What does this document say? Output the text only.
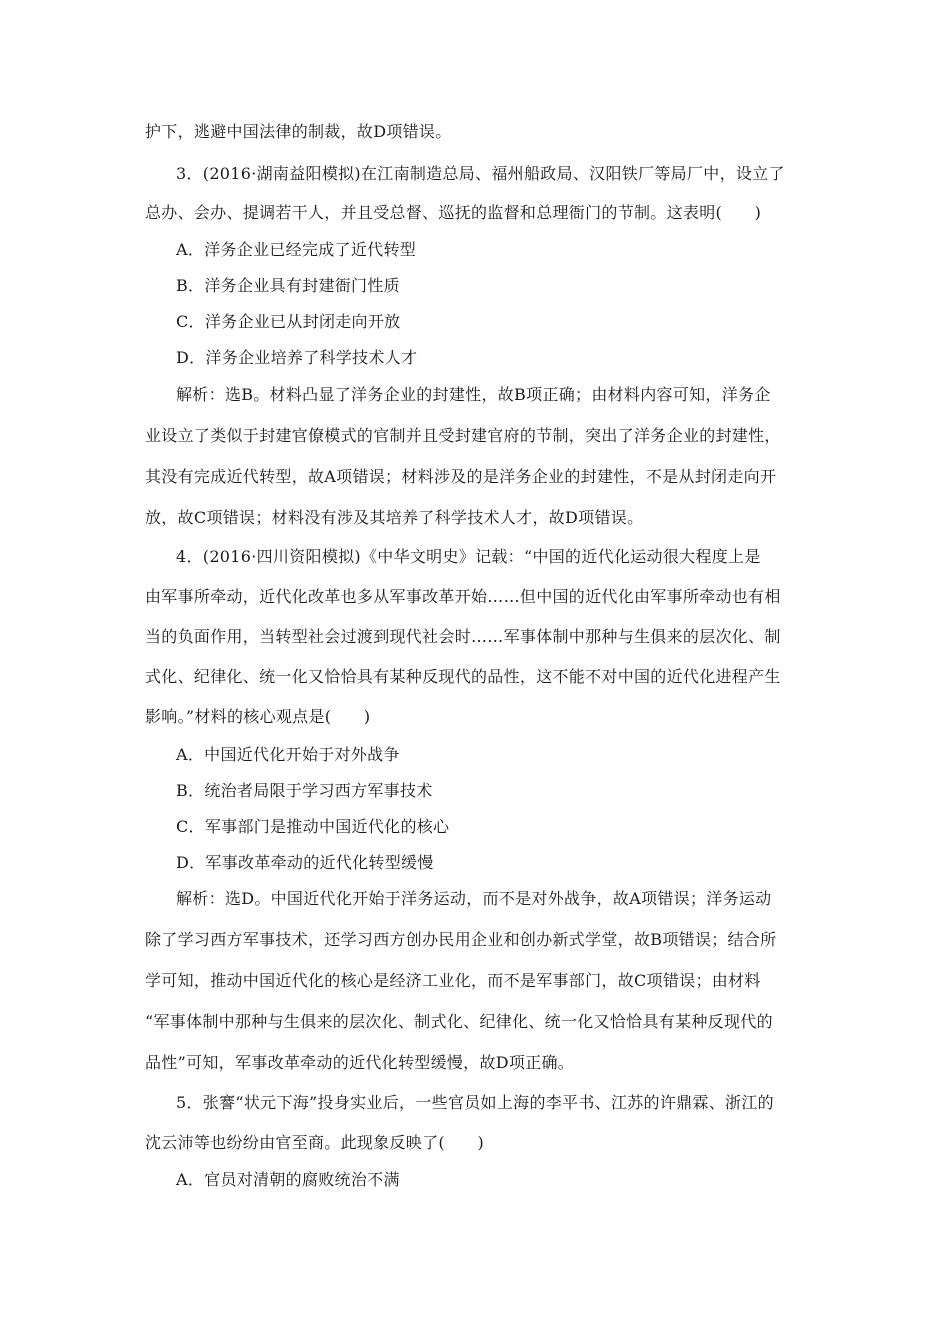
护下，逃避中国法律的制裁，故D项错误。
3．(2016·湖南益阳模拟)在江南制造总局、福州船政局、汉阳铁厂等局厂中，设立了
总办、会办、提调若干人，并且受总督、巡抚的监督和总理衙门的节制。这表明(　　)
A．洋务企业已经完成了近代转型
B．洋务企业具有封建衙门性质
C．洋务企业已从封闭走向开放
D．洋务企业培养了科学技术人才
解析：选B。材料凸显了洋务企业的封建性，故B项正确；由材料内容可知，洋务企
业设立了类似于封建官僚模式的官制并且受封建官府的节制，突出了洋务企业的封建性，
其没有完成近代转型，故A项错误；材料涉及的是洋务企业的封建性，不是从封闭走向开
放，故C项错误；材料没有涉及其培养了科学技术人才，故D项错误。
4．(2016·四川资阳模拟)《中华文明史》记载：“中国的近代化运动很大程度上是
由军事所牵动，近代化改革也多从军事改革开始……但中国的近代化由军事所牵动也有相
当的负面作用，当转型社会过渡到现代社会时……军事体制中那种与生俱来的层次化、制
式化、纪律化、统一化又恰恰具有某种反现代的品性，这不能不对中国的近代化进程产生
影响。”材料的核心观点是(　　)
A．中国近代化开始于对外战争
B．统治者局限于学习西方军事技术
C．军事部门是推动中国近代化的核心
D．军事改革牵动的近代化转型缓慢
解析：选D。中国近代化开始于洋务运动，而不是对外战争，故A项错误；洋务运动
除了学习西方军事技术，还学习西方创办民用企业和创办新式学堂，故B项错误；结合所
学可知，推动中国近代化的核心是经济工业化，而不是军事部门，故C项错误；由材料
“军事体制中那种与生俱来的层次化、制式化、纪律化、统一化又恰恰具有某种反现代的
品性”可知，军事改革牵动的近代化转型缓慢，故D项正确。
5．张謇“状元下海”投身实业后，一些官员如上海的李平书、江苏的许鼎霖、浙江的
沈云沛等也纷纷由官至商。此现象反映了(　　)
A．官员对清朝的腐败统治不满
